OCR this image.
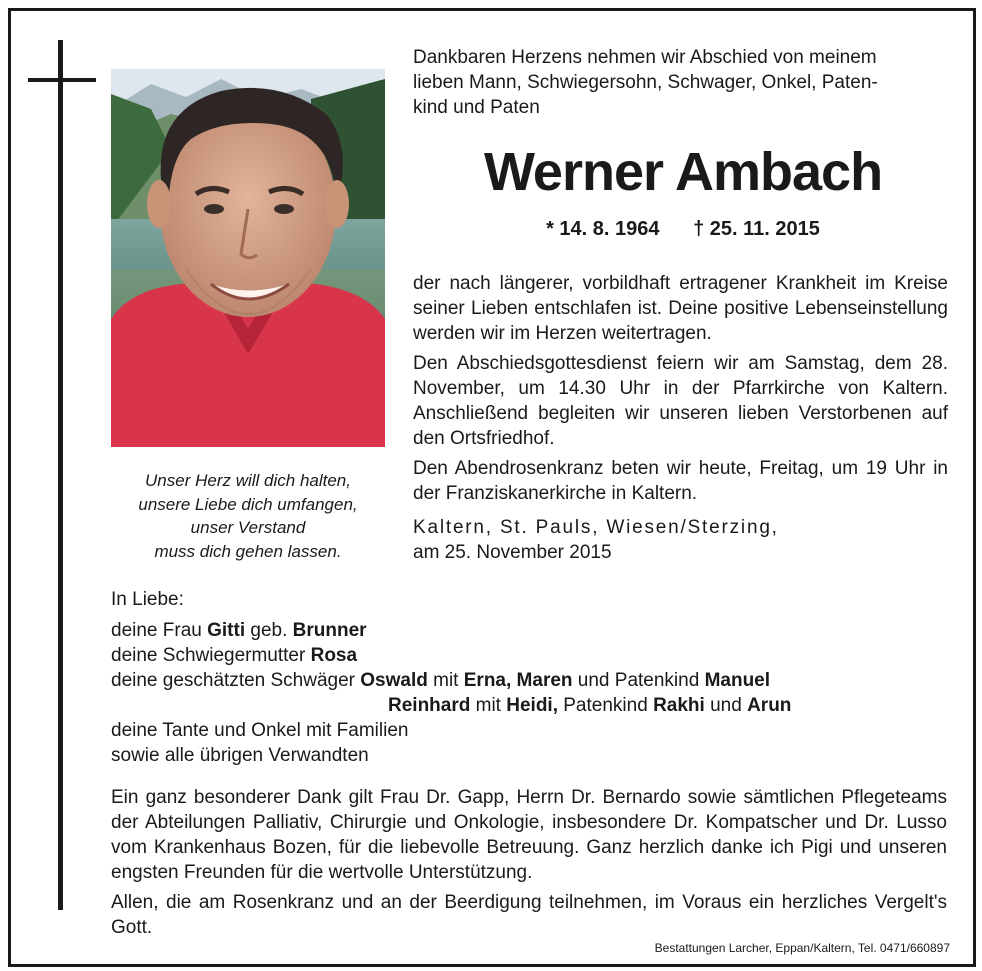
Unser Herz will dich halten,
unsere Liebe dich umfangen,
unser Verstand
muss dich gehen lassen.
Dankbaren Herzens nehmen wir Abschied von meinem
lieben Mann, Schwiegersohn, Schwager, Onkel, Paten-
kind und Paten
Werner Ambach
* 14. 8. 1964 † 25. 11. 2015

der nach längerer, vorbildhaft ertragener Krankheit im Kreise seiner Lieben entschlafen ist. Deine positive Lebenseinstellung werden wir im Herzen weitertragen.

Den Abschiedsgottesdienst feiern wir am Samstag, dem 28. November, um 14.30 Uhr in der Pfarrkirche von Kaltern. Anschließend begleiten wir unseren lieben Verstorbenen auf den Ortsfriedhof.

Den Abendrosenkranz beten wir heute, Freitag, um 19 Uhr in der Franziskanerkirche in Kaltern.

Kaltern, St. Pauls, Wiesen/Sterzing,
am 25. November 2015
In Liebe:
deine Frau Gitti geb. Brunner
deine Schwiegermutter Rosa
deine geschätzten Schwäger Oswald mit Erna, Maren und Patenkind Manuel
Reinhard mit Heidi, Patenkind Rakhi und Arun
deine Tante und Onkel mit Familien
sowie alle übrigen Verwandten

Ein ganz besonderer Dank gilt Frau Dr. Gapp, Herrn Dr. Bernardo sowie sämtlichen Pflegeteams der Abteilungen Palliativ, Chirurgie und Onkologie, insbesondere Dr. Kompatscher und Dr. Lusso vom Krankenhaus Bozen, für die liebevolle Betreuung. Ganz herzlich danke ich Pigi und unseren engsten Freunden für die wertvolle Unterstützung.

Allen, die am Rosenkranz und an der Beerdigung teilnehmen, im Voraus ein herzliches Vergelt's Gott.

Bestattungen Larcher, Eppan/Kaltern, Tel. 0471/660897
